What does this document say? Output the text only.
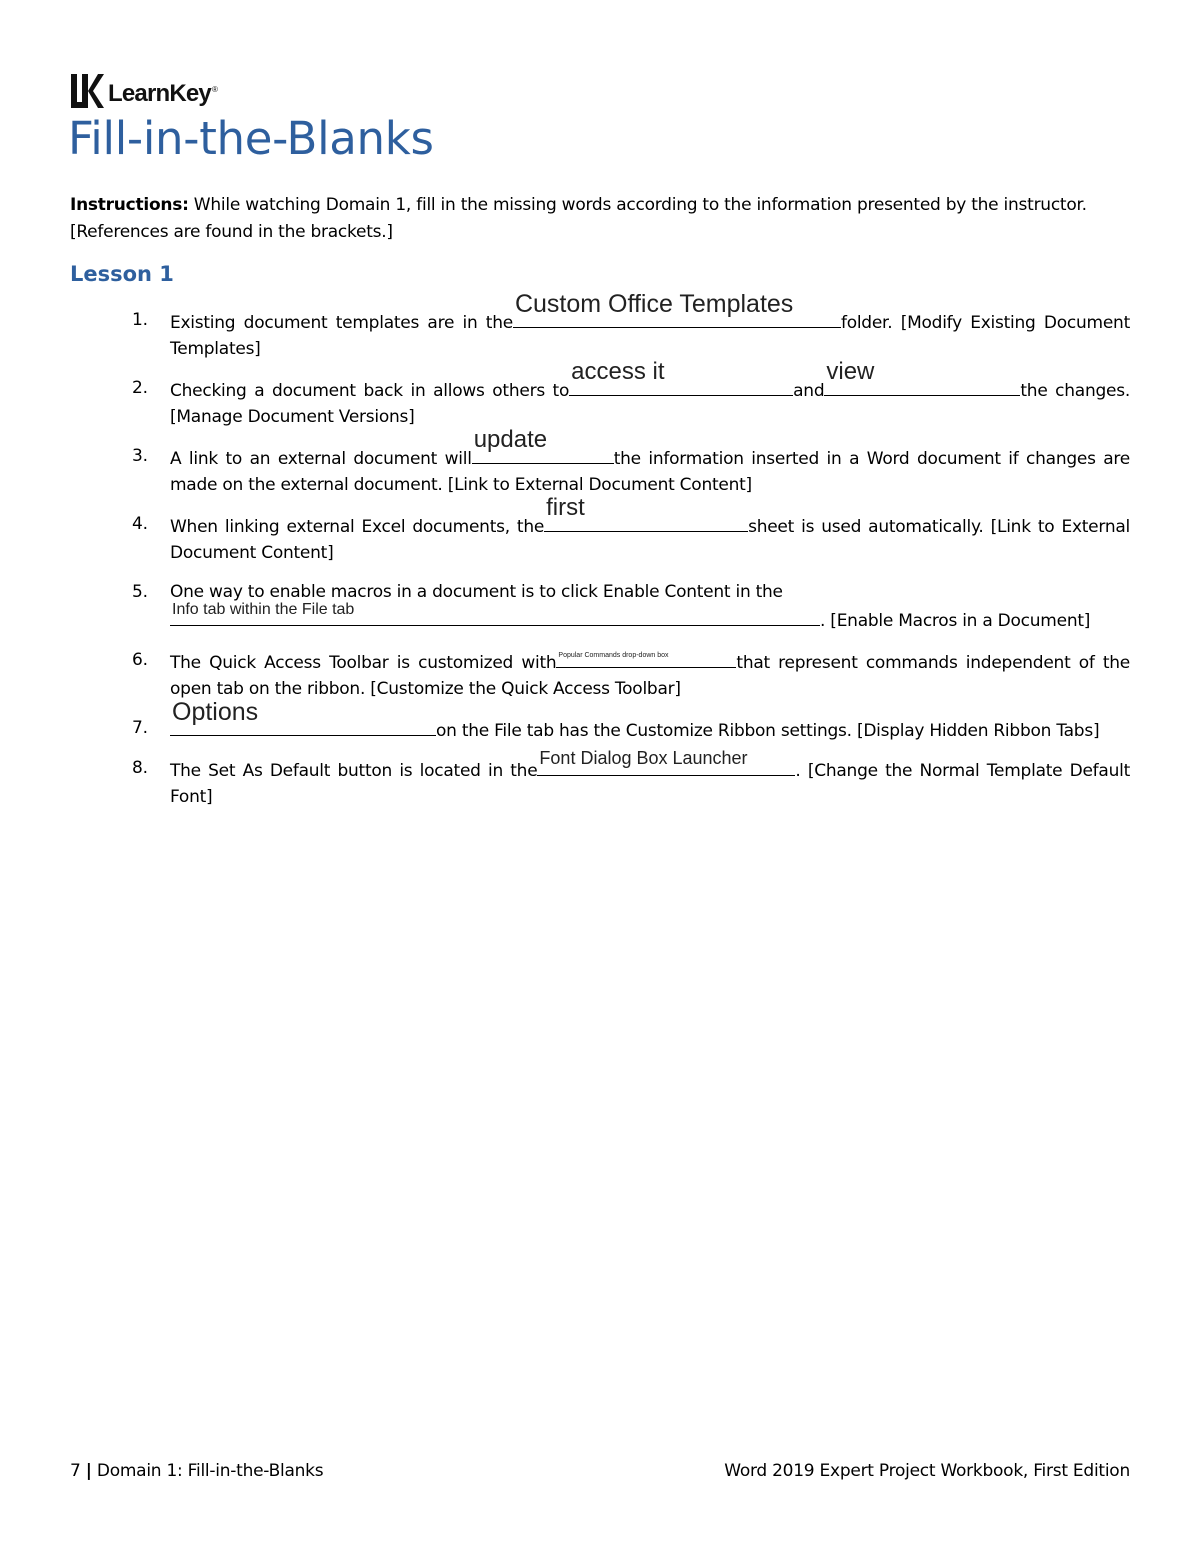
LearnKey®
Fill-in-the-Blanks

Instructions: While watching Domain 1, fill in the missing words according to the information presented by the instructor. [References are found in the brackets.]

Lesson 1
1.	Existing document templates are in the
Custom Office Templates
folder. [Modify Existing Document Templates]
2.	Checking a document back in allows others to
access it
and
view
the changes. [Manage Document Versions]
3.	A link to an external document will
update
the information inserted in a Word document if changes are made on the external document. [Link to External Document Content]
4.	When linking external Excel documents, the
first
sheet is used automatically. [Link to External Document Content]
5.	One way to enable macros in a document is to click Enable Content in the
Info tab within the File tab
. [Enable Macros in a Document]
6.	The Quick Access Toolbar is customized with Popular Commands drop-down box	that represent commands independent of the open tab on the ribbon. [Customize the Quick Access Toolbar]
7.
Options
on the File tab has the Customize Ribbon settings. [Display Hidden Ribbon Tabs]
8.	The Set As Default button is located in the
Font Dialog Box Launcher
. [Change the Normal Template Default Font]
7 | Domain 1: Fill-in-the-Blanks	Word 2019 Expert Project Workbook, First Edition
